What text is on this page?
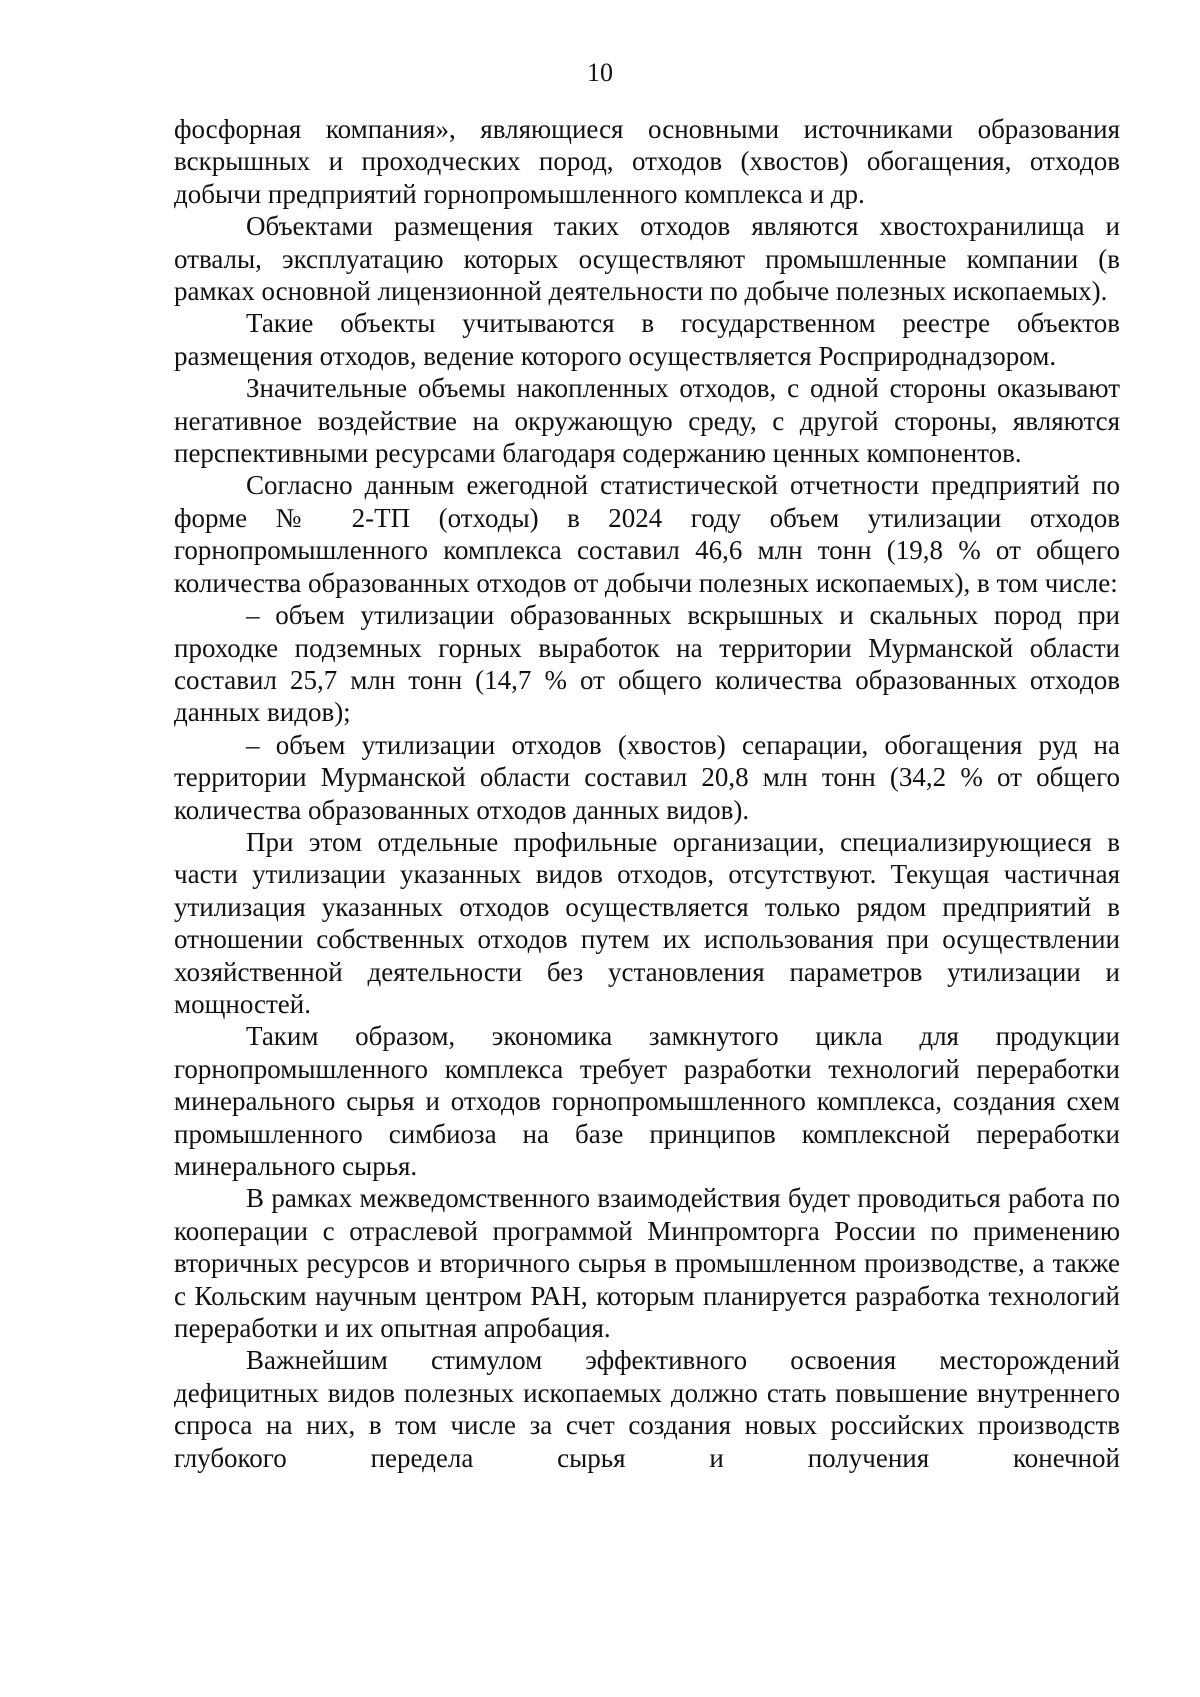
10

фосфорная компания», являющиеся основными источниками образования вскрышных и проходческих пород, отходов (хвостов) обогащения, отходов добычи предприятий горнопромышленного комплекса и др.

Объектами размещения таких отходов являются хвостохранилища и отвалы, эксплуатацию которых осуществляют промышленные компании (в рамках основной лицензионной деятельности по добыче полезных ископаемых).

Такие объекты учитываются в государственном реестре объектов размещения отходов, ведение которого осуществляется Росприроднадзором.

Значительные объемы накопленных отходов, с одной стороны оказывают негативное воздействие на окружающую среду, с другой стороны, являются перспективными ресурсами благодаря содержанию ценных компонентов.

Согласно данным ежегодной статистической отчетности предприятий по форме № 2-ТП (отходы) в 2024 году объем утилизации отходов горнопромышленного комплекса составил 46,6 млн тонн (19,8 % от общего количества образованных отходов от добычи полезных ископаемых), в том числе:

– объем утилизации образованных вскрышных и скальных пород при проходке подземных горных выработок на территории Мурманской области составил 25,7 млн тонн (14,7 % от общего количества образованных отходов данных видов);

– объем утилизации отходов (хвостов) сепарации, обогащения руд на территории Мурманской области составил 20,8 млн тонн (34,2 % от общего количества образованных отходов данных видов).

При этом отдельные профильные организации, специализирующиеся в части утилизации указанных видов отходов, отсутствуют. Текущая частичная утилизация указанных отходов осуществляется только рядом предприятий в отношении собственных отходов путем их использования при осуществлении хозяйственной деятельности без установления параметров утилизации и мощностей.

Таким образом, экономика замкнутого цикла для продукции горнопромышленного комплекса требует разработки технологий переработки минерального сырья и отходов горнопромышленного комплекса, создания схем промышленного симбиоза на базе принципов комплексной переработки минерального сырья.

В рамках межведомственного взаимодействия будет проводиться работа по кооперации с отраслевой программой Минпромторга России по применению вторичных ресурсов и вторичного сырья в промышленном производстве, а также с Кольским научным центром РАН, которым планируется разработка технологий переработки и их опытная апробация.

Важнейшим стимулом эффективного освоения месторождений дефицитных видов полезных ископаемых должно стать повышение внутреннего спроса на них, в том числе за счет создания новых российских производств глубокого передела сырья и получения конечной
